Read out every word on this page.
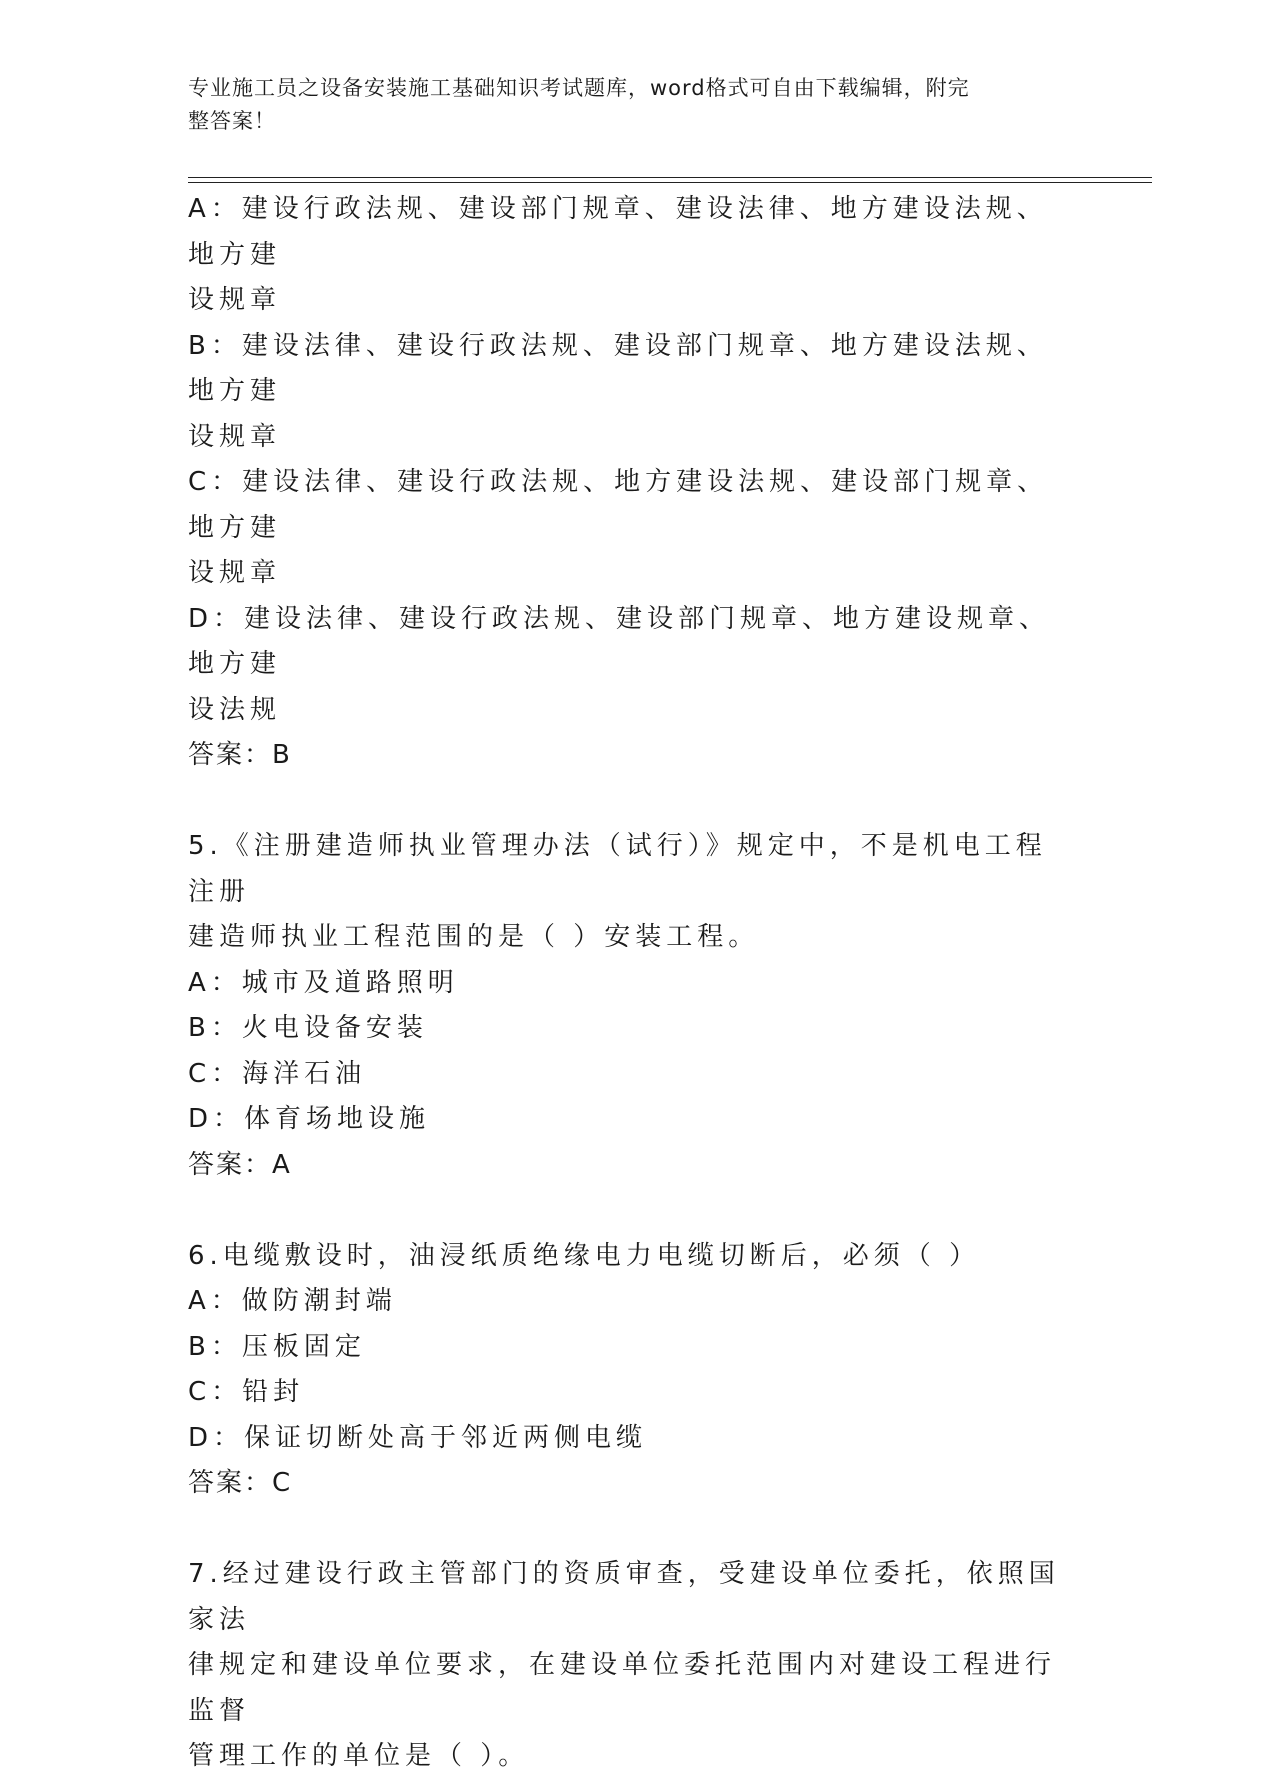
专业施工员之设备安装施工基础知识考试题库，word格式可自由下载编辑，附完
整答案！
A：建设行政法规、建设部门规章、建设法律、地方建设法规、地方建
设规章
B：建设法律、建设行政法规、建设部门规章、地方建设法规、地方建
设规章
C：建设法律、建设行政法规、地方建设法规、建设部门规章、地方建
设规章
D：建设法律、建设行政法规、建设部门规章、地方建设规章、地方建
设法规
答案：B
5.《注册建造师执业管理办法（试行）》规定中，不是机电工程注册
建造师执业工程范围的是（ ）安装工程。
A：城市及道路照明
B：火电设备安装
C：海洋石油
D：体育场地设施
答案：A
6.电缆敷设时，油浸纸质绝缘电力电缆切断后，必须（ ）
A：做防潮封端
B：压板固定
C：铅封
D：保证切断处高于邻近两侧电缆
答案：C
7.经过建设行政主管部门的资质审查，受建设单位委托，依照国家法
律规定和建设单位要求，在建设单位委托范围内对建设工程进行监督
管理工作的单位是（ ）。
